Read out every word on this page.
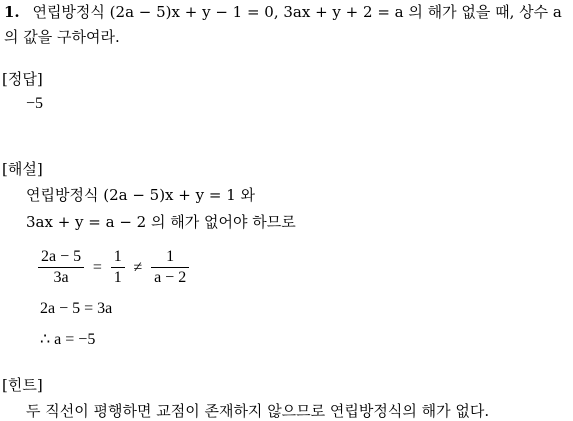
1. 연립방정식 (2a − 5)x + y − 1 = 0, 3ax + y + 2 = a 의 해가 없을 때, 상수 a
의 값을 구하여라.
[정답]
−5
[해설]
연립방정식 (2a − 5)x + y = 1 와
3ax + y = a − 2 의 해가 없어야 하므로
$\frac{2a - 5}{3a} = \frac{1}{1} \ne \frac{1}{a - 2}$
2a − 5 = 3a
∴ a = −5
[힌트]
두 직선이 평행하면 교점이 존재하지 않으므로 연립방정식의 해가 없다.
